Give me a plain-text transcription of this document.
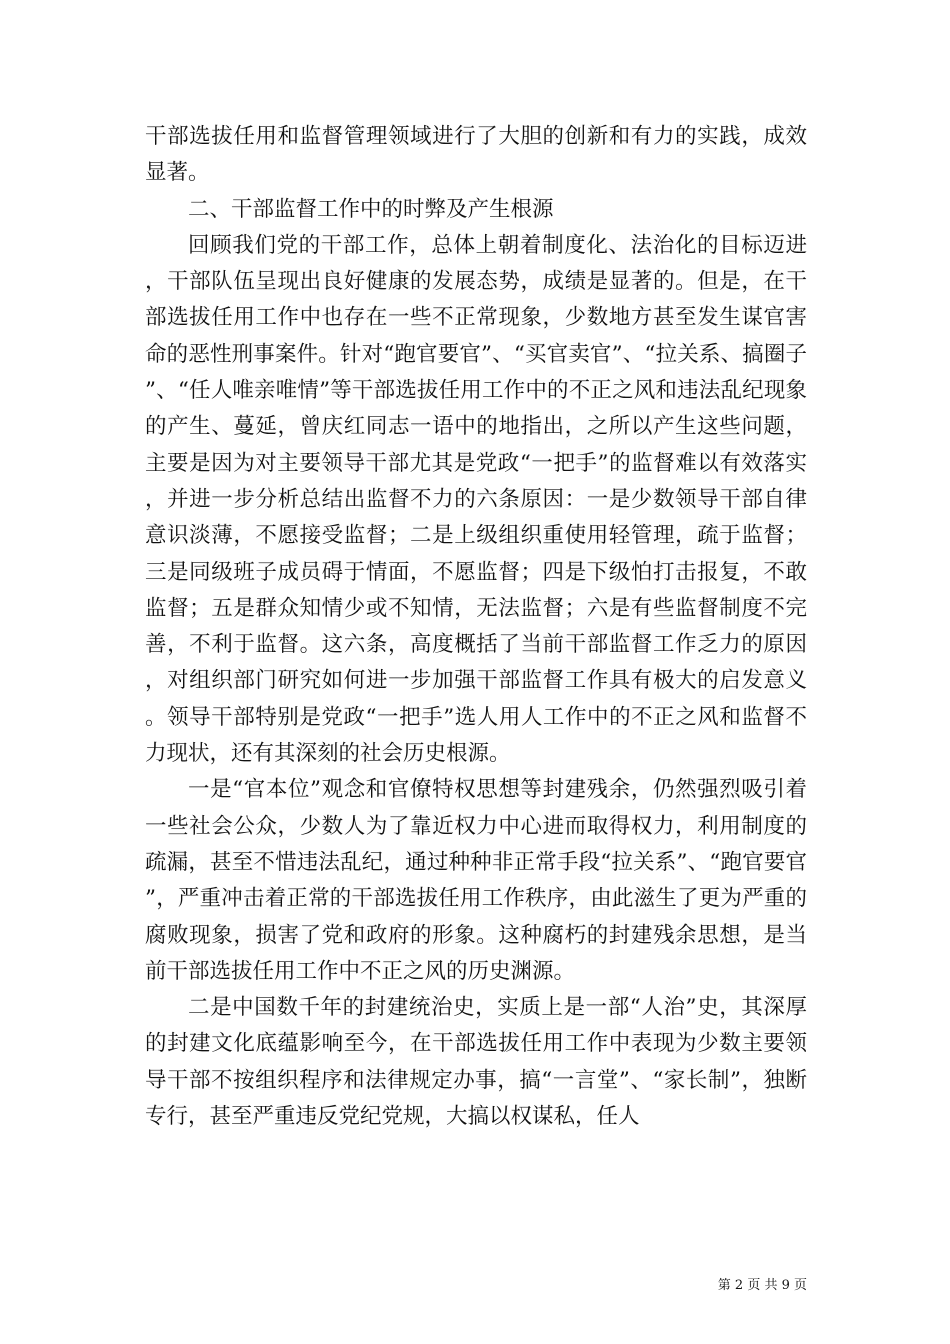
干部选拔任用和监督管理领域进行了大胆的创新和有力的实践，成效显著。

二、干部监督工作中的时弊及产生根源

回顾我们党的干部工作，总体上朝着制度化、法治化的目标迈进，干部队伍呈现出良好健康的发展态势，成绩是显著的。但是，在干部选拔任用工作中也存在一些不正常现象，少数地方甚至发生谋官害命的恶性刑事案件。针对“跑官要官”、“买官卖官”、“拉关系、搞圈子”、“任人唯亲唯情”等干部选拔任用工作中的不正之风和违法乱纪现象的产生、蔓延，曾庆红同志一语中的地指出，之所以产生这些问题，主要是因为对主要领导干部尤其是党政“一把手”的监督难以有效落实，并进一步分析总结出监督不力的六条原因：一是少数领导干部自律意识淡薄，不愿接受监督；二是上级组织重使用轻管理，疏于监督；三是同级班子成员碍于情面，不愿监督；四是下级怕打击报复，不敢监督；五是群众知情少或不知情，无法监督；六是有些监督制度不完善，不利于监督。这六条，高度概括了当前干部监督工作乏力的原因，对组织部门研究如何进一步加强干部监督工作具有极大的启发意义。领导干部特别是党政“一把手”选人用人工作中的不正之风和监督不力现状，还有其深刻的社会历史根源。

一是“官本位”观念和官僚特权思想等封建残余，仍然强烈吸引着一些社会公众，少数人为了靠近权力中心进而取得权力，利用制度的疏漏，甚至不惜违法乱纪，通过种种非正常手段“拉关系”、“跑官要官”，严重冲击着正常的干部选拔任用工作秩序，由此滋生了更为严重的腐败现象，损害了党和政府的形象。这种腐朽的封建残余思想，是当前干部选拔任用工作中不正之风的历史渊源。

二是中国数千年的封建统治史，实质上是一部“人治”史，其深厚的封建文化底蕴影响至今，在干部选拔任用工作中表现为少数主要领导干部不按组织程序和法律规定办事，搞“一言堂”、“家长制”，独断专行，甚至严重违反党纪党规，大搞以权谋私，任人

第 2 页 共 9 页
